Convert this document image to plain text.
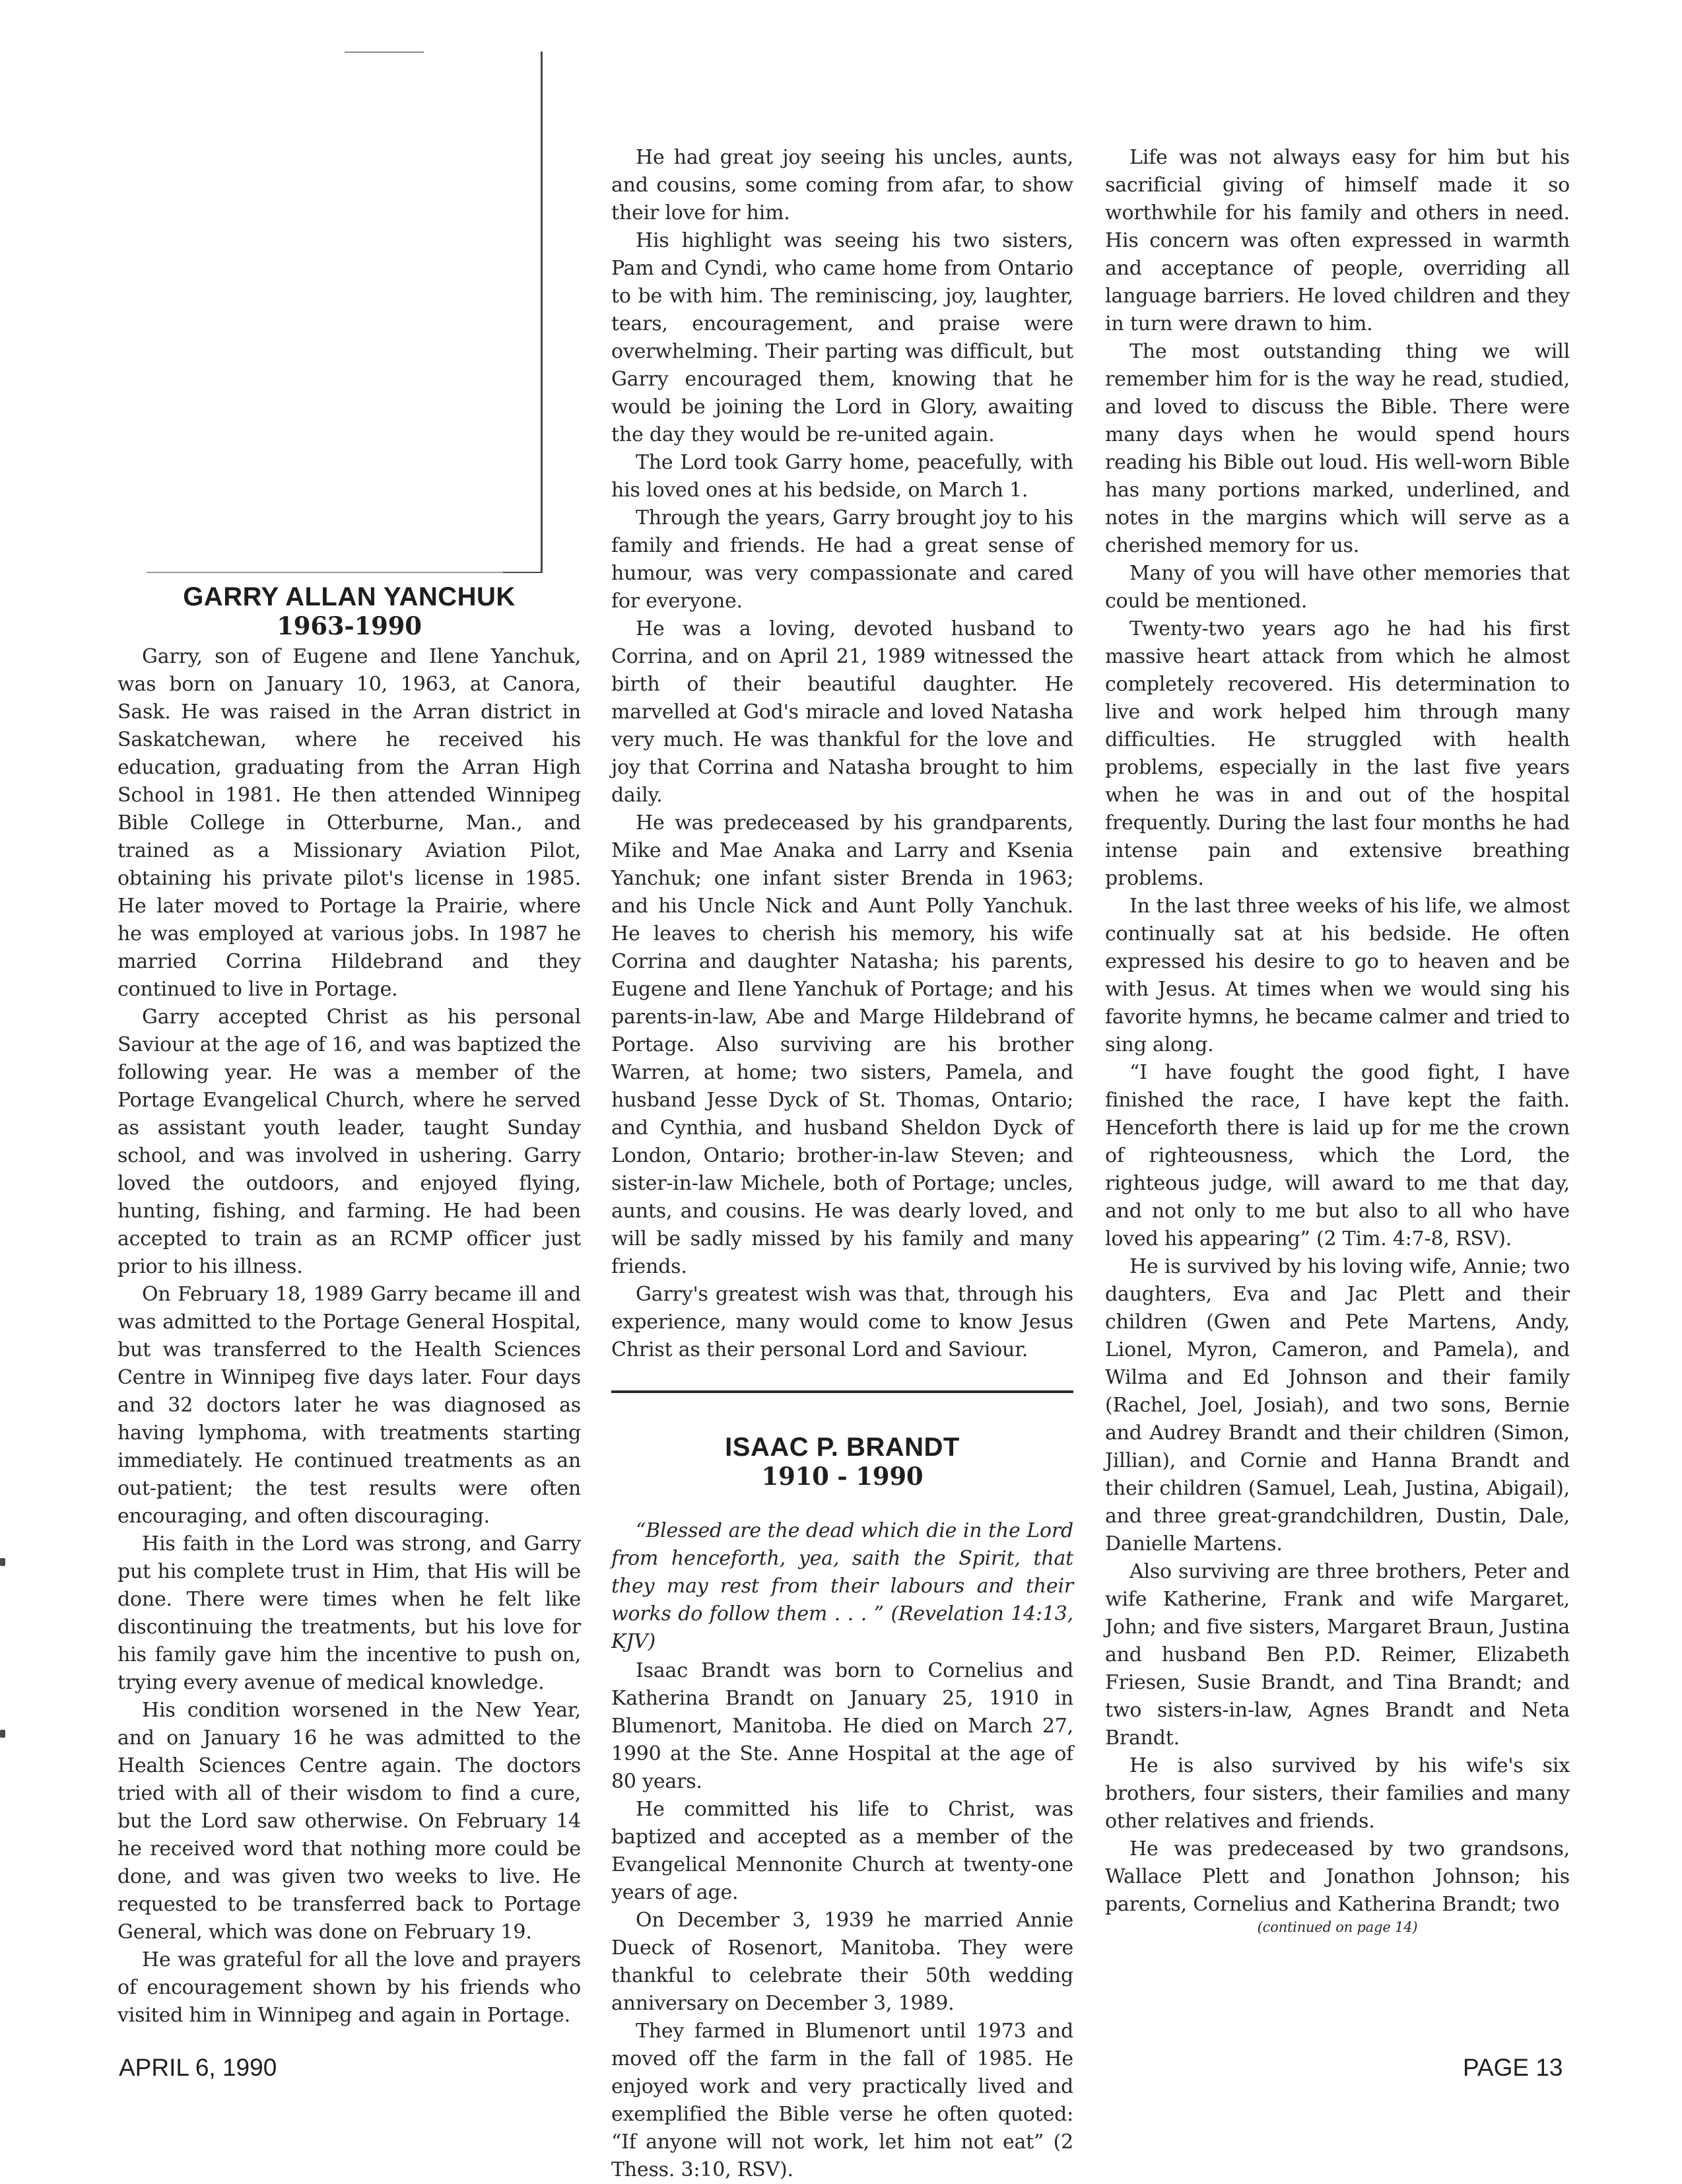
GARRY ALLAN YANCHUK
1963-1990

Garry, son of Eugene and Ilene Yanchuk, was born on January 10, 1963, at Canora, Sask. He was raised in the Arran district in Saskatchewan, where he received his education, graduating from the Arran High School in 1981. He then attended Winnipeg Bible College in Otterburne, Man., and trained as a Missionary Aviation Pilot, obtaining his private pilot's license in 1985. He later moved to Portage la Prairie, where he was employed at various jobs. In 1987 he married Corrina Hildebrand and they continued to live in Portage.

Garry accepted Christ as his personal Saviour at the age of 16, and was baptized the following year. He was a member of the Portage Evangelical Church, where he served as assistant youth leader, taught Sunday school, and was involved in ushering. Garry loved the outdoors, and enjoyed flying, hunting, fishing, and farming. He had been accepted to train as an RCMP officer just prior to his illness.

On February 18, 1989 Garry became ill and was admitted to the Portage General Hospital, but was transferred to the Health Sciences Centre in Winnipeg five days later. Four days and 32 doctors later he was diagnosed as having lymphoma, with treatments starting immediately. He continued treatments as an out-patient; the test results were often encouraging, and often discouraging.

His faith in the Lord was strong, and Garry put his complete trust in Him, that His will be done. There were times when he felt like discontinuing the treatments, but his love for his family gave him the incentive to push on, trying every avenue of medical knowledge.

His condition worsened in the New Year, and on January 16 he was admitted to the Health Sciences Centre again. The doctors tried with all of their wisdom to find a cure, but the Lord saw otherwise. On February 14 he received word that nothing more could be done, and was given two weeks to live. He requested to be transferred back to Portage General, which was done on February 19.

He was grateful for all the love and prayers of encouragement shown by his friends who visited him in Winnipeg and again in Portage.

He had great joy seeing his uncles, aunts, and cousins, some coming from afar, to show their love for him.

His highlight was seeing his two sisters, Pam and Cyndi, who came home from Ontario to be with him. The reminiscing, joy, laughter, tears, encouragement, and praise were overwhelming. Their parting was difficult, but Garry encouraged them, knowing that he would be joining the Lord in Glory, awaiting the day they would be re-united again.

The Lord took Garry home, peacefully, with his loved ones at his bedside, on March 1.

Through the years, Garry brought joy to his family and friends. He had a great sense of humour, was very compassionate and cared for everyone.

He was a loving, devoted husband to Corrina, and on April 21, 1989 witnessed the birth of their beautiful daughter. He marvelled at God's miracle and loved Natasha very much. He was thankful for the love and joy that Corrina and Natasha brought to him daily.

He was predeceased by his grandparents, Mike and Mae Anaka and Larry and Ksenia Yanchuk; one infant sister Brenda in 1963; and his Uncle Nick and Aunt Polly Yanchuk. He leaves to cherish his memory, his wife Corrina and daughter Natasha; his parents, Eugene and Ilene Yanchuk of Portage; and his parents-in-law, Abe and Marge Hildebrand of Portage. Also surviving are his brother Warren, at home; two sisters, Pamela, and husband Jesse Dyck of St. Thomas, Ontario; and Cynthia, and husband Sheldon Dyck of London, Ontario; brother-in-law Steven; and sister-in-law Michele, both of Portage; uncles, aunts, and cousins. He was dearly loved, and will be sadly missed by his family and many friends.

Garry's greatest wish was that, through his experience, many would come to know Jesus Christ as their personal Lord and Saviour.

ISAAC P. BRANDT
1910 - 1990

“Blessed are the dead which die in the Lord from henceforth, yea, saith the Spirit, that they may rest from their labours and their works do follow them . . . ” (Revelation 14:13, KJV)

Isaac Brandt was born to Cornelius and Katherina Brandt on January 25, 1910 in Blumenort, Manitoba. He died on March 27, 1990 at the Ste. Anne Hospital at the age of 80 years.

He committed his life to Christ, was baptized and accepted as a member of the Evangelical Mennonite Church at twenty-one years of age.

On December 3, 1939 he married Annie Dueck of Rosenort, Manitoba. They were thankful to celebrate their 50th wedding anniversary on December 3, 1989.

They farmed in Blumenort until 1973 and moved off the farm in the fall of 1985. He enjoyed work and very practically lived and exemplified the Bible verse he often quoted: “If anyone will not work, let him not eat” (2 Thess. 3:10, RSV).

Life was not always easy for him but his sacrificial giving of himself made it so worthwhile for his family and others in need. His concern was often expressed in warmth and acceptance of people, overriding all language barriers. He loved children and they in turn were drawn to him.

The most outstanding thing we will remember him for is the way he read, studied, and loved to discuss the Bible. There were many days when he would spend hours reading his Bible out loud. His well-worn Bible has many portions marked, underlined, and notes in the margins which will serve as a cherished memory for us.

Many of you will have other memories that could be mentioned.

Twenty-two years ago he had his first massive heart attack from which he almost completely recovered. His determination to live and work helped him through many difficulties. He struggled with health problems, especially in the last five years when he was in and out of the hospital frequently. During the last four months he had intense pain and extensive breathing problems.

In the last three weeks of his life, we almost continually sat at his bedside. He often expressed his desire to go to heaven and be with Jesus. At times when we would sing his favorite hymns, he became calmer and tried to sing along.

“I have fought the good fight, I have finished the race, I have kept the faith. Henceforth there is laid up for me the crown of righteousness, which the Lord, the righteous judge, will award to me that day, and not only to me but also to all who have loved his appearing” (2 Tim. 4:7-8, RSV).

He is survived by his loving wife, Annie; two daughters, Eva and Jac Plett and their children (Gwen and Pete Martens, Andy, Lionel, Myron, Cameron, and Pamela), and Wilma and Ed Johnson and their family (Rachel, Joel, Josiah), and two sons, Bernie and Audrey Brandt and their children (Simon, Jillian), and Cornie and Hanna Brandt and their children (Samuel, Leah, Justina, Abigail), and three great-grandchildren, Dustin, Dale, Danielle Martens.

Also surviving are three brothers, Peter and wife Katherine, Frank and wife Margaret, John; and five sisters, Margaret Braun, Justina and husband Ben P.D. Reimer, Elizabeth Friesen, Susie Brandt, and Tina Brandt; and two sisters-in-law, Agnes Brandt and Neta Brandt.

He is also survived by his wife's six brothers, four sisters, their families and many other relatives and friends.

He was predeceased by two grandsons, Wallace Plett and Jonathon Johnson; his parents, Cornelius and Katherina Brandt; two

(continued on page 14)

APRIL 6, 1990	PAGE 13
